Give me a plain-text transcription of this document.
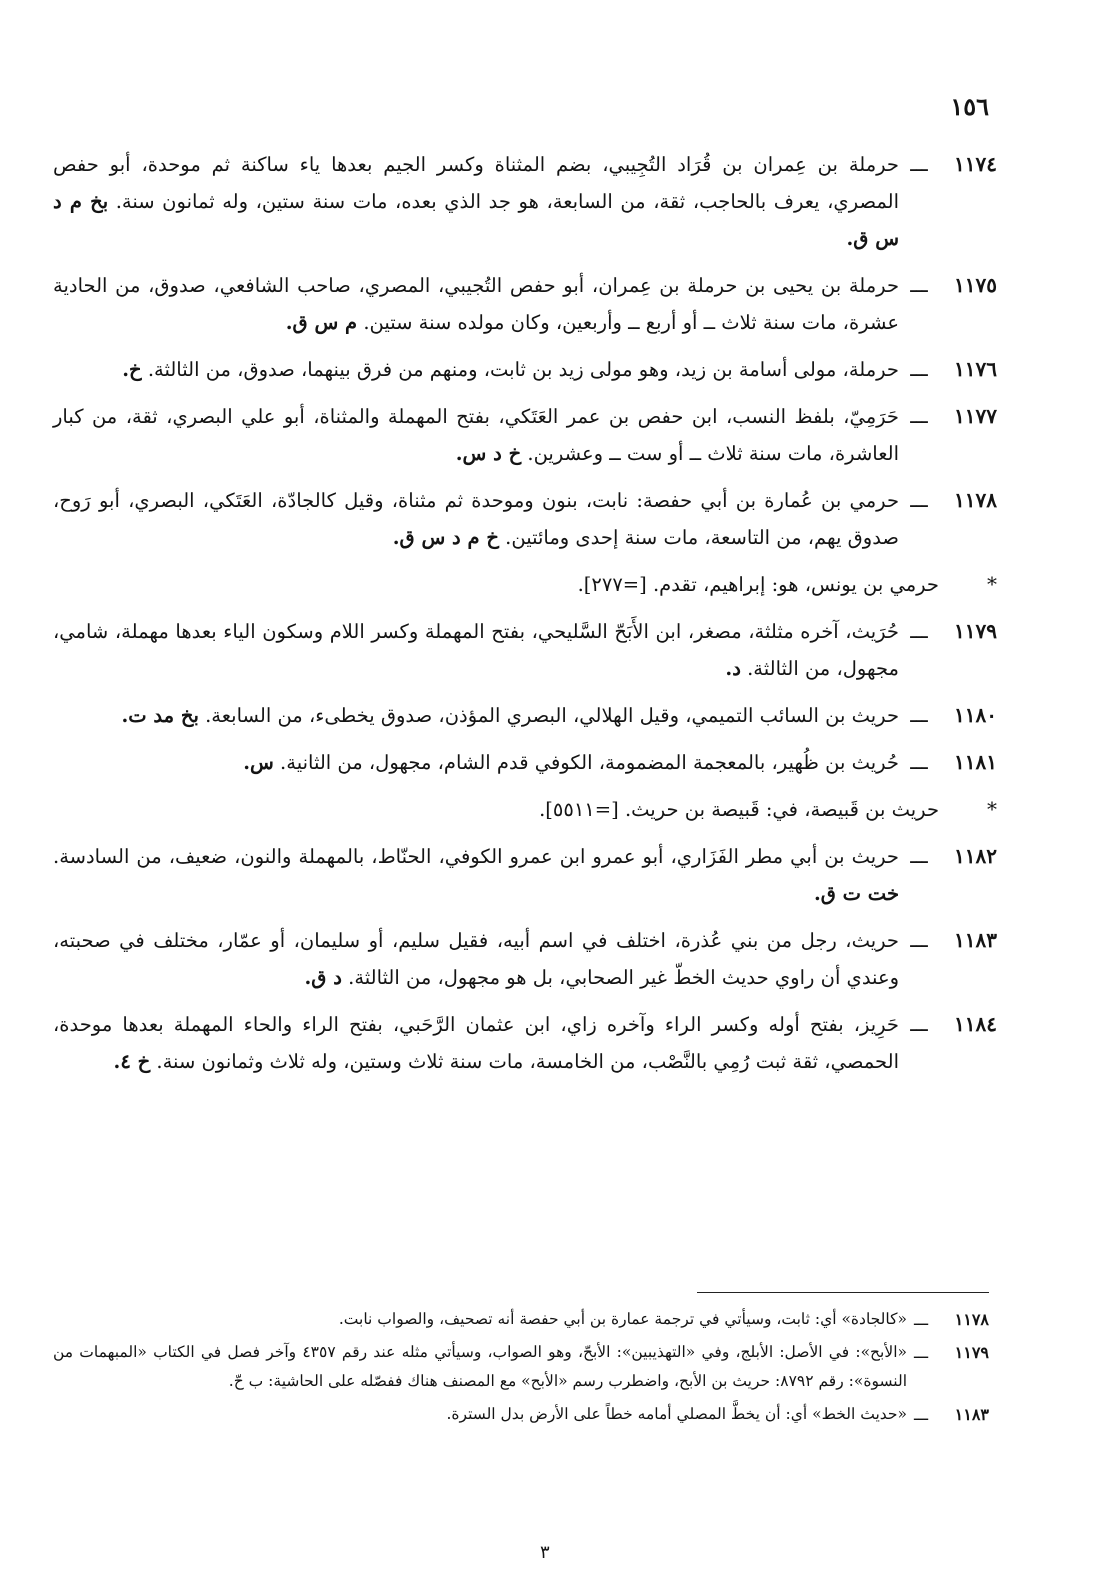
١٥٦
١١٧٤
ـــ
حرملة بن عِمران بن قُرَاد التُجِيبي، بضم المثناة وكسر الجيم بعدها ياء ساكنة ثم موحدة، أبو حفص المصري، يعرف بالحاجب، ثقة، من السابعة، هو جد الذي بعده، مات سنة ستين، وله ثمانون سنة. بخ م د س ق.
١١٧٥
ـــ
حرملة بن يحيى بن حرملة بن عِمران، أبو حفص التُجيبي، المصري، صاحب الشافعي، صدوق، من الحادية عشرة، مات سنة ثلاث ــ أو أربع ــ وأربعين، وكان مولده سنة ستين. م س ق.
١١٧٦
ـــ
حرملة، مولى أسامة بن زيد، وهو مولى زيد بن ثابت، ومنهم من فرق بينهما، صدوق، من الثالثة. خ.
١١٧٧
ـــ
حَرَمِيّ، بلفظ النسب، ابن حفص بن عمر العَتَكي، بفتح المهملة والمثناة، أبو علي البصري، ثقة، من كبار العاشرة، مات سنة ثلاث ــ أو ست ــ وعشرين. خ د س.
١١٧٨
ـــ
حرمي بن عُمارة بن أبي حفصة: نابت، بنون وموحدة ثم مثناة، وقيل كالجادّة، العَتَكي، البصري، أبو رَوح، صدوق يهم، من التاسعة، مات سنة إحدى ومائتين. خ م د س ق.
*
حرمي بن يونس، هو: إبراهيم، تقدم. [=٢٧٧].
١١٧٩
ـــ
حُرَيث، آخره مثلثة، مصغر، ابن الأَبَحّ السَّليحي، بفتح المهملة وكسر اللام وسكون الياء بعدها مهملة، شامي، مجهول، من الثالثة. د.
١١٨٠
ـــ
حريث بن السائب التميمي، وقيل الهلالي، البصري المؤذن، صدوق يخطىء، من السابعة. بخ مد ت.
١١٨١
ـــ
حُريث بن ظُهير، بالمعجمة المضمومة، الكوفي قدم الشام، مجهول، من الثانية. س.
*
حريث بن قَبيصة، في: قَبيصة بن حريث. [=٥٥١١].
١١٨٢
ـــ
حريث بن أبي مطر الفَزَاري، أبو عمرو ابن عمرو الكوفي، الحنّاط، بالمهملة والنون، ضعيف، من السادسة. خت ت ق.
١١٨٣
ـــ
حريث، رجل من بني عُذرة، اختلف في اسم أبيه، فقيل سليم، أو سليمان، أو عمّار، مختلف في صحبته، وعندي أن راوي حديث الخطّ غير الصحابي، بل هو مجهول، من الثالثة. د ق.
١١٨٤
ـــ
حَرِيز، بفتح أوله وكسر الراء وآخره زاي، ابن عثمان الرَّحَبي، بفتح الراء والحاء المهملة بعدها موحدة، الحمصي، ثقة ثبت رُمِي بالنَّصْب، من الخامسة، مات سنة ثلاث وستين، وله ثلاث وثمانون سنة. خ ٤.
١١٧٨
ـــ
«كالجادة» أي: ثابت، وسيأتي في ترجمة عمارة بن أبي حفصة أنه تصحيف، والصواب نابت.
١١٧٩
ـــ
«الأبح»: في الأصل: الأبلج، وفي «التهذيبين»: الأبحّ، وهو الصواب، وسيأتي مثله عند رقم ٤٣٥٧ وآخر فصل في الكتاب «المبهمات من النسوة»: رقم ٨٧٩٢: حريث بن الأبح، واضطرب رسم «الأبح» مع المصنف هناك ففصّله على الحاشية: ب حّ.
١١٨٣
ـــ
«حديث الخط» أي: أن يخطَّ المصلي أمامه خطاً على الأرض بدل السترة.
٣
